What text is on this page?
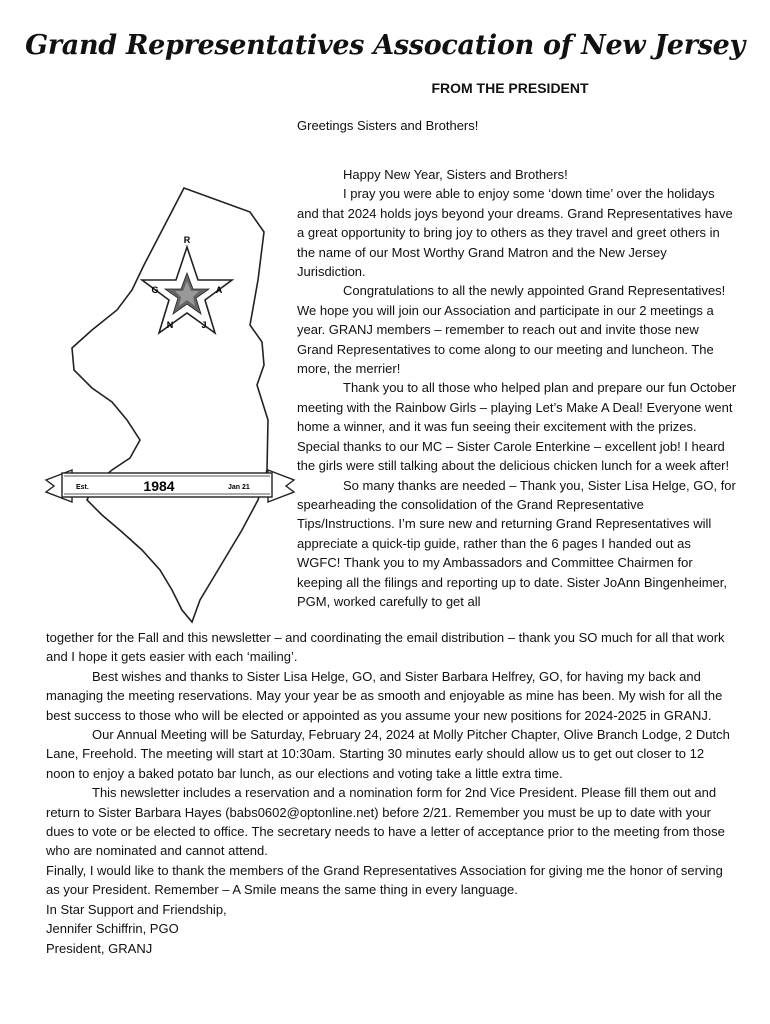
Grand Representatives Assocation of New Jersey
FROM THE PRESIDENT
Greetings Sisters and Brothers!
R
G	A
N	J
Est.	1984	Jan 21

Happy New Year, Sisters and Brothers!

I pray you were able to enjoy some ‘down time’ over the holidays and that 2024 holds joys beyond your dreams. Grand Representatives have a great opportunity to bring joy to others as they travel and greet others in the name of our Most Worthy Grand Matron and the New Jersey Jurisdiction.

Congratulations to all the newly appointed Grand Representatives! We hope you will join our Association and participate in our 2 meetings a year. GRANJ members – remember to reach out and invite those new Grand Representatives to come along to our meeting and luncheon. The more, the merrier!

Thank you to all those who helped plan and prepare our fun October meeting with the Rainbow Girls – playing Let’s Make A Deal! Everyone went home a winner, and it was fun seeing their excitement with the prizes. Special thanks to our MC – Sister Carole Enterkine – excellent job! I heard the girls were still talking about the delicious chicken lunch for a week after!

So many thanks are needed – Thank you, Sister Lisa Helge, GO, for spearheading the consolidation of the Grand Representative Tips/Instructions. I’m sure new and returning Grand Representatives will appreciate a quick-tip guide, rather than the 6 pages I handed out as WGFC! Thank you to my Ambassadors and Committee Chairmen for keeping all the filings and reporting up to date. Sister JoAnn Bingenheimer, PGM, worked carefully to get all

together for the Fall and this newsletter – and coordinating the email distribution – thank you SO much for all that work and I hope it gets easier with each ‘mailing’.

Best wishes and thanks to Sister Lisa Helge, GO, and Sister Barbara Helfrey, GO, for having my back and managing the meeting reservations. May your year be as smooth and enjoyable as mine has been. My wish for all the best success to those who will be elected or appointed as you assume your new positions for 2024-2025 in GRANJ.

Our Annual Meeting will be Saturday, February 24, 2024 at Molly Pitcher Chapter, Olive Branch Lodge, 2 Dutch Lane, Freehold. The meeting will start at 10:30am. Starting 30 minutes early should allow us to get out closer to 12 noon to enjoy a baked potato bar lunch, as our elections and voting take a little extra time.

This newsletter includes a reservation and a nomination form for 2nd Vice President. Please fill them out and return to Sister Barbara Hayes (babs0602@optonline.net) before 2/21. Remember you must be up to date with your dues to vote or be elected to office. The secretary needs to have a letter of acceptance prior to the meeting from those who are nominated and cannot attend.

Finally, I would like to thank the members of the Grand Representatives Association for giving me the honor of serving as your President. Remember – A Smile means the same thing in every language.

In Star Support and Friendship,

Jennifer Schiffrin, PGO

President, GRANJ
